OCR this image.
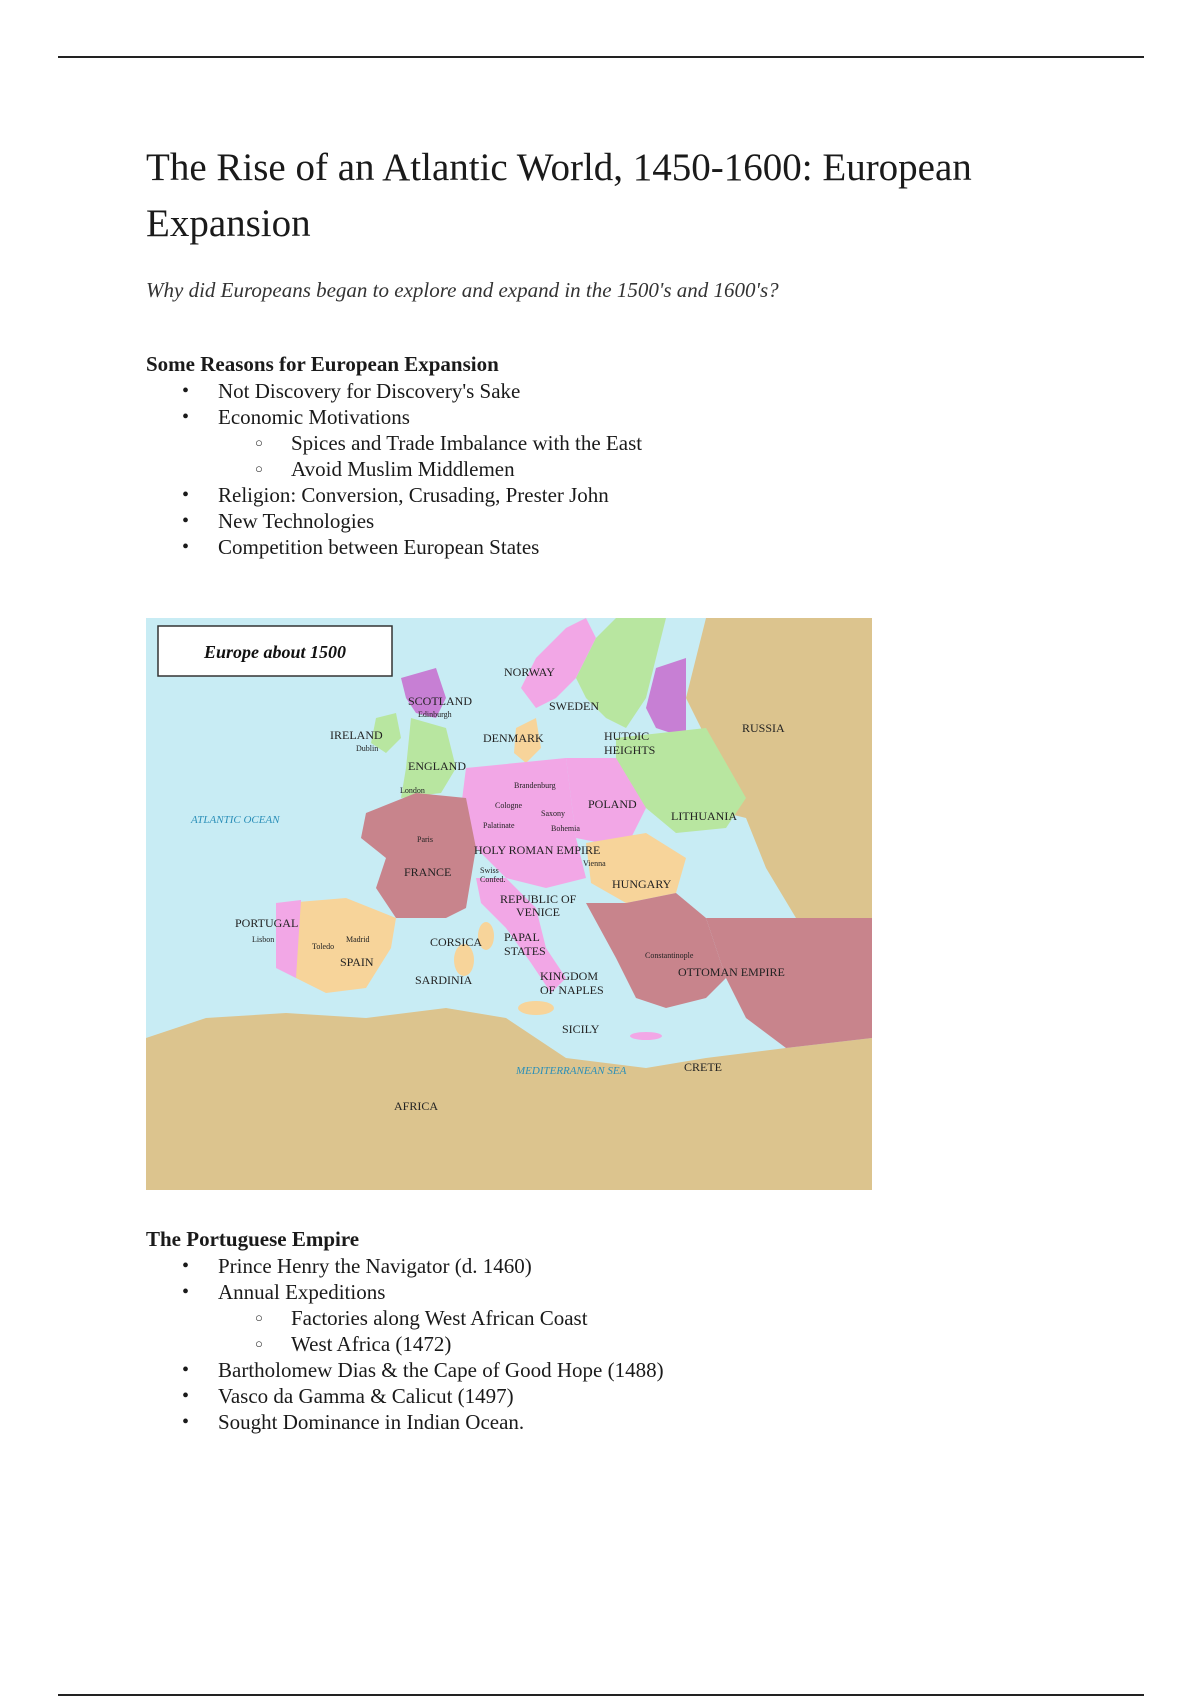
The Rise of an Atlantic World, 1450-1600: European Expansion

Why did Europeans began to explore and expand in the 1500's and 1600's?

Some Reasons for European Expansion
• Not Discovery for Discovery's Sake
• Economic Motivations
○ Spices and Trade Imbalance with the East
○ Avoid Muslim Middlemen
• Religion: Conversion, Crusading, Prester John
• New Technologies
• Competition between European States
Europe about 1500
NORWAY
SWEDEN
SCOTLAND
Edinburgh
IRELAND
Dublin
ENGLAND
London
DENMARK	HUTOIC
HEIGHTS
RUSSIA
Brandenburg
Cologne
Saxony
POLAND
Palatinate	Bohemia
LITHUANIA
ATLANTIC OCEAN
Paris
HOLY ROMAN EMPIRE
Vienna
Swiss
Confed.
FRANCE
HUNGARY
REPUBLIC OF
VENICE
PORTUGAL
Lisbon
Toledo
Madrid
SPAIN
CORSICA PAPAL
STATES	Constantinople
OTTOMAN EMPIRE
SARDINIA	KINGDOM
OF NAPLES
SICILY
MEDITERRANEAN SEA	CRETE
AFRICA
The Portuguese Empire
• Prince Henry the Navigator (d. 1460)
• Annual Expeditions
○ Factories along West African Coast
○ West Africa (1472)
• Bartholomew Dias & the Cape of Good Hope (1488)
• Vasco da Gamma & Calicut (1497)
• Sought Dominance in Indian Ocean.
